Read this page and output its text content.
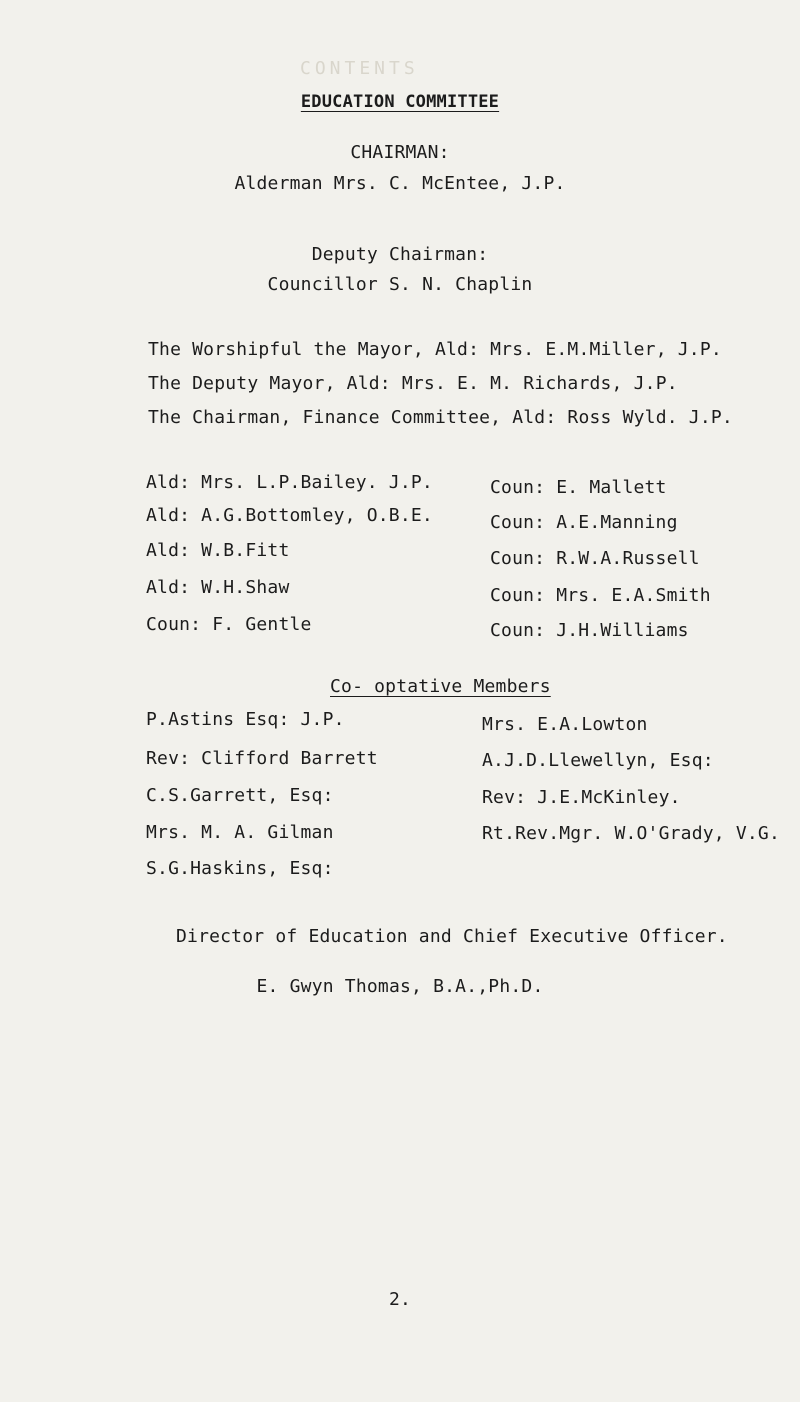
CONTENTS
EDUCATION COMMITTEE
CHAIRMAN:
Alderman Mrs. C. McEntee, J.P.
Deputy Chairman:
Councillor S. N. Chaplin
The Worshipful the Mayor, Ald: Mrs. E.M.Miller, J.P.
The Deputy Mayor, Ald: Mrs. E. M. Richards, J.P.
The Chairman, Finance Committee, Ald: Ross Wyld. J.P.
Ald: Mrs. L.P.Bailey. J.P.
Ald: A.G.Bottomley, O.B.E.
Ald: W.B.Fitt
Ald: W.H.Shaw
Coun: F. Gentle
Coun: E. Mallett
Coun: A.E.Manning
Coun: R.W.A.Russell
Coun: Mrs. E.A.Smith
Coun: J.H.Williams
Co- optative Members
P.Astins Esq: J.P.
Rev: Clifford Barrett
C.S.Garrett, Esq:
Mrs. M. A. Gilman
S.G.Haskins, Esq:
Mrs. E.A.Lowton
A.J.D.Llewellyn, Esq:
Rev: J.E.McKinley.
Rt.Rev.Mgr. W.O'Grady, V.G.
Director of Education and Chief Executive Officer.
E. Gwyn Thomas, B.A.,Ph.D.
2.
